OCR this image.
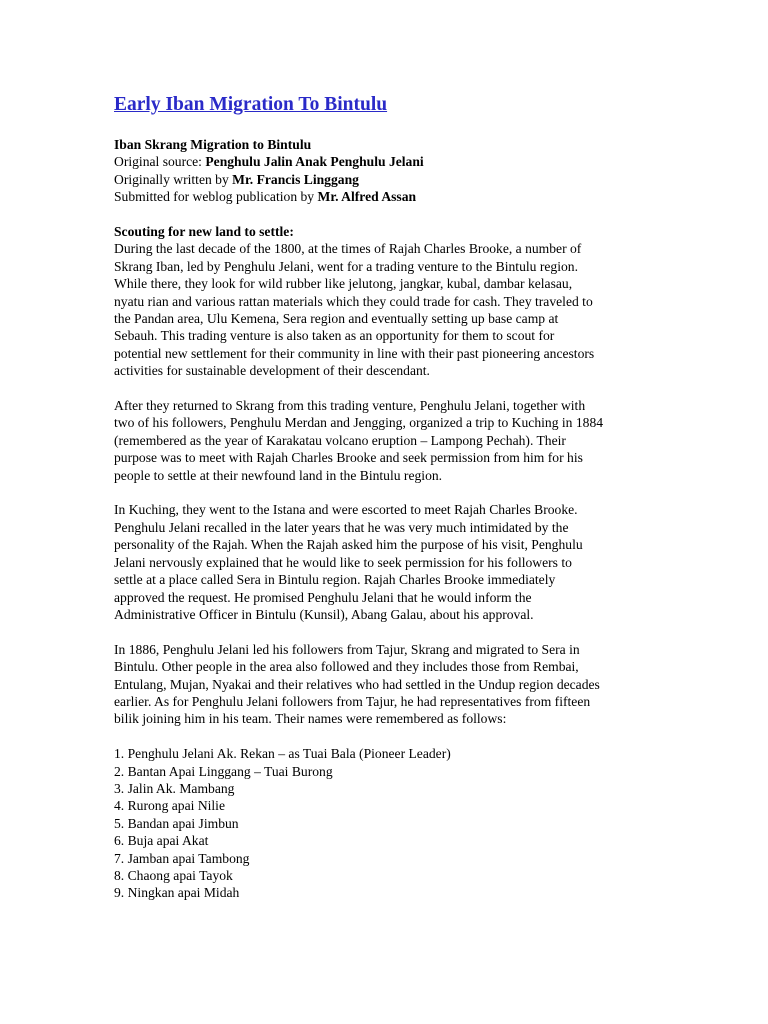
Early Iban Migration To Bintulu
Iban Skrang Migration to Bintulu
Original source: Penghulu Jalin Anak Penghulu Jelani
Originally written by Mr. Francis Linggang
Submitted for weblog publication by Mr. Alfred Assan
Scouting for new land to settle:

During the last decade of the 1800, at the times of Rajah Charles Brooke, a number of
Skrang Iban, led by Penghulu Jelani, went for a trading venture to the Bintulu region.
While there, they look for wild rubber like jelutong, jangkar, kubal, dambar kelasau,
nyatu rian and various rattan materials which they could trade for cash. They traveled to
the Pandan area, Ulu Kemena, Sera region and eventually setting up base camp at
Sebauh. This trading venture is also taken as an opportunity for them to scout for
potential new settlement for their community in line with their past pioneering ancestors
activities for sustainable development of their descendant.

After they returned to Skrang from this trading venture, Penghulu Jelani, together with
two of his followers, Penghulu Merdan and Jengging, organized a trip to Kuching in 1884
(remembered as the year of Karakatau volcano eruption – Lampong Pechah). Their
purpose was to meet with Rajah Charles Brooke and seek permission from him for his
people to settle at their newfound land in the Bintulu region.

In Kuching, they went to the Istana and were escorted to meet Rajah Charles Brooke.
Penghulu Jelani recalled in the later years that he was very much intimidated by the
personality of the Rajah. When the Rajah asked him the purpose of his visit, Penghulu
Jelani nervously explained that he would like to seek permission for his followers to
settle at a place called Sera in Bintulu region. Rajah Charles Brooke immediately
approved the request. He promised Penghulu Jelani that he would inform the
Administrative Officer in Bintulu (Kunsil), Abang Galau, about his approval.

In 1886, Penghulu Jelani led his followers from Tajur, Skrang and migrated to Sera in
Bintulu. Other people in the area also followed and they includes those from Rembai,
Entulang, Mujan, Nyakai and their relatives who had settled in the Undup region decades
earlier. As for Penghulu Jelani followers from Tajur, he had representatives from fifteen
bilik joining him in his team. Their names were remembered as follows:

1. Penghulu Jelani Ak. Rekan – as Tuai Bala (Pioneer Leader)
2. Bantan Apai Linggang – Tuai Burong
3. Jalin Ak. Mambang
4. Rurong apai Nilie
5. Bandan apai Jimbun
6. Buja apai Akat
7. Jamban apai Tambong
8. Chaong apai Tayok
9. Ningkan apai Midah
